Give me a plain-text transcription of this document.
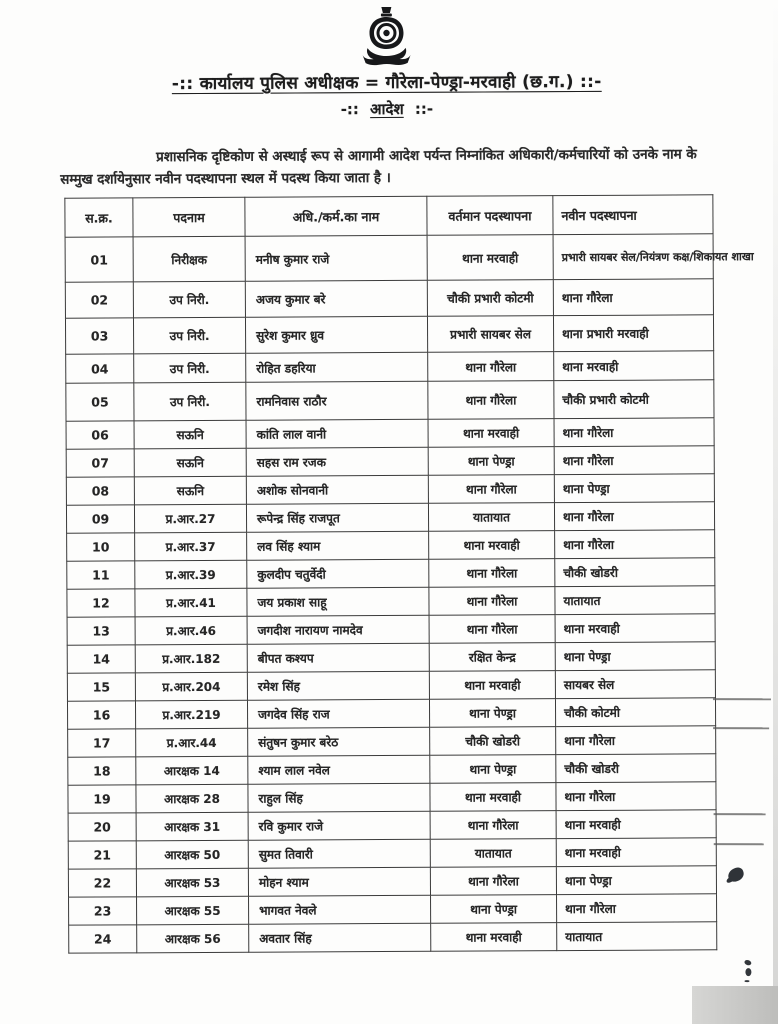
-:: कार्यालय पुलिस अधीक्षक = गौरेला-पेण्ड्रा-मरवाही (छ.ग.) ::-
-:: आदेश ::-

प्रशासनिक दृष्टिकोण से अस्थाई रूप से आगामी आदेश पर्यन्त निम्नांकित अधिकारी/कर्मचारियों को उनके नाम के सम्मुख दर्शायेनुसार नवीन पदस्थापना स्थल में पदस्थ किया जाता है ।

स.क्र.	पदनाम	अधि./कर्म.का नाम	वर्तमान पदस्थापना	नवीन पदस्थापना
01	निरीक्षक	मनीष कुमार राजे	थाना मरवाही	प्रभारी सायबर सेल/नियंत्रण कक्ष/शिकायत शाखा
02	उप निरी.	अजय कुमार बरे	चौकी प्रभारी कोटमी	थाना गौरेला
03	उप निरी.	सुरेश कुमार ध्रुव	प्रभारी सायबर सेल	थाना प्रभारी मरवाही
04	उप निरी.	रोहित डहरिया	थाना गौरेला	थाना मरवाही
05	उप निरी.	रामनिवास राठौर	थाना गौरेला	चौकी प्रभारी कोटमी
06	सऊनि	कांति लाल वानी	थाना मरवाही	थाना गौरेला
07	सऊनि	सहस राम रजक	थाना पेण्ड्रा	थाना गौरेला
08	सऊनि	अशोक सोनवानी	थाना गौरेला	थाना पेण्ड्रा
09	प्र.आर.27	रूपेन्द्र सिंह राजपूत	यातायात	थाना गौरेला
10	प्र.आर.37	लव सिंह श्याम	थाना मरवाही	थाना गौरेला
11	प्र.आर.39	कुलदीप चतुर्वेदी	थाना गौरेला	चौकी खोडरी
12	प्र.आर.41	जय प्रकाश साहू	थाना गौरेला	यातायात
13	प्र.आर.46	जगदीश नारायण नामदेव	थाना गौरेला	थाना मरवाही
14	प्र.आर.182	बीपत कश्यप	रक्षित केन्द्र	थाना पेण्ड्रा
15	प्र.आर.204	रमेश सिंह	थाना मरवाही	सायबर सेल
16	प्र.आर.219	जगदेव सिंह राज	थाना पेण्ड्रा	चौकी कोटमी
17	प्र.आर.44	संतुषन कुमार बरेठ	चौकी खोडरी	थाना गौरेला
18	आरक्षक 14	श्याम लाल नवेल	थाना पेण्ड्रा	चौकी खोडरी
19	आरक्षक 28	राहुल सिंह	थाना मरवाही	थाना गौरेला
20	आरक्षक 31	रवि कुमार राजे	थाना गौरेला	थाना मरवाही
21	आरक्षक 50	सुमत तिवारी	यातायात	थाना मरवाही
22	आरक्षक 53	मोहन श्याम	थाना गौरेला	थाना पेण्ड्रा
23	आरक्षक 55	भागवत नेवले	थाना पेण्ड्रा	थाना गौरेला
24	आरक्षक 56	अवतार सिंह	थाना मरवाही	यातायात
